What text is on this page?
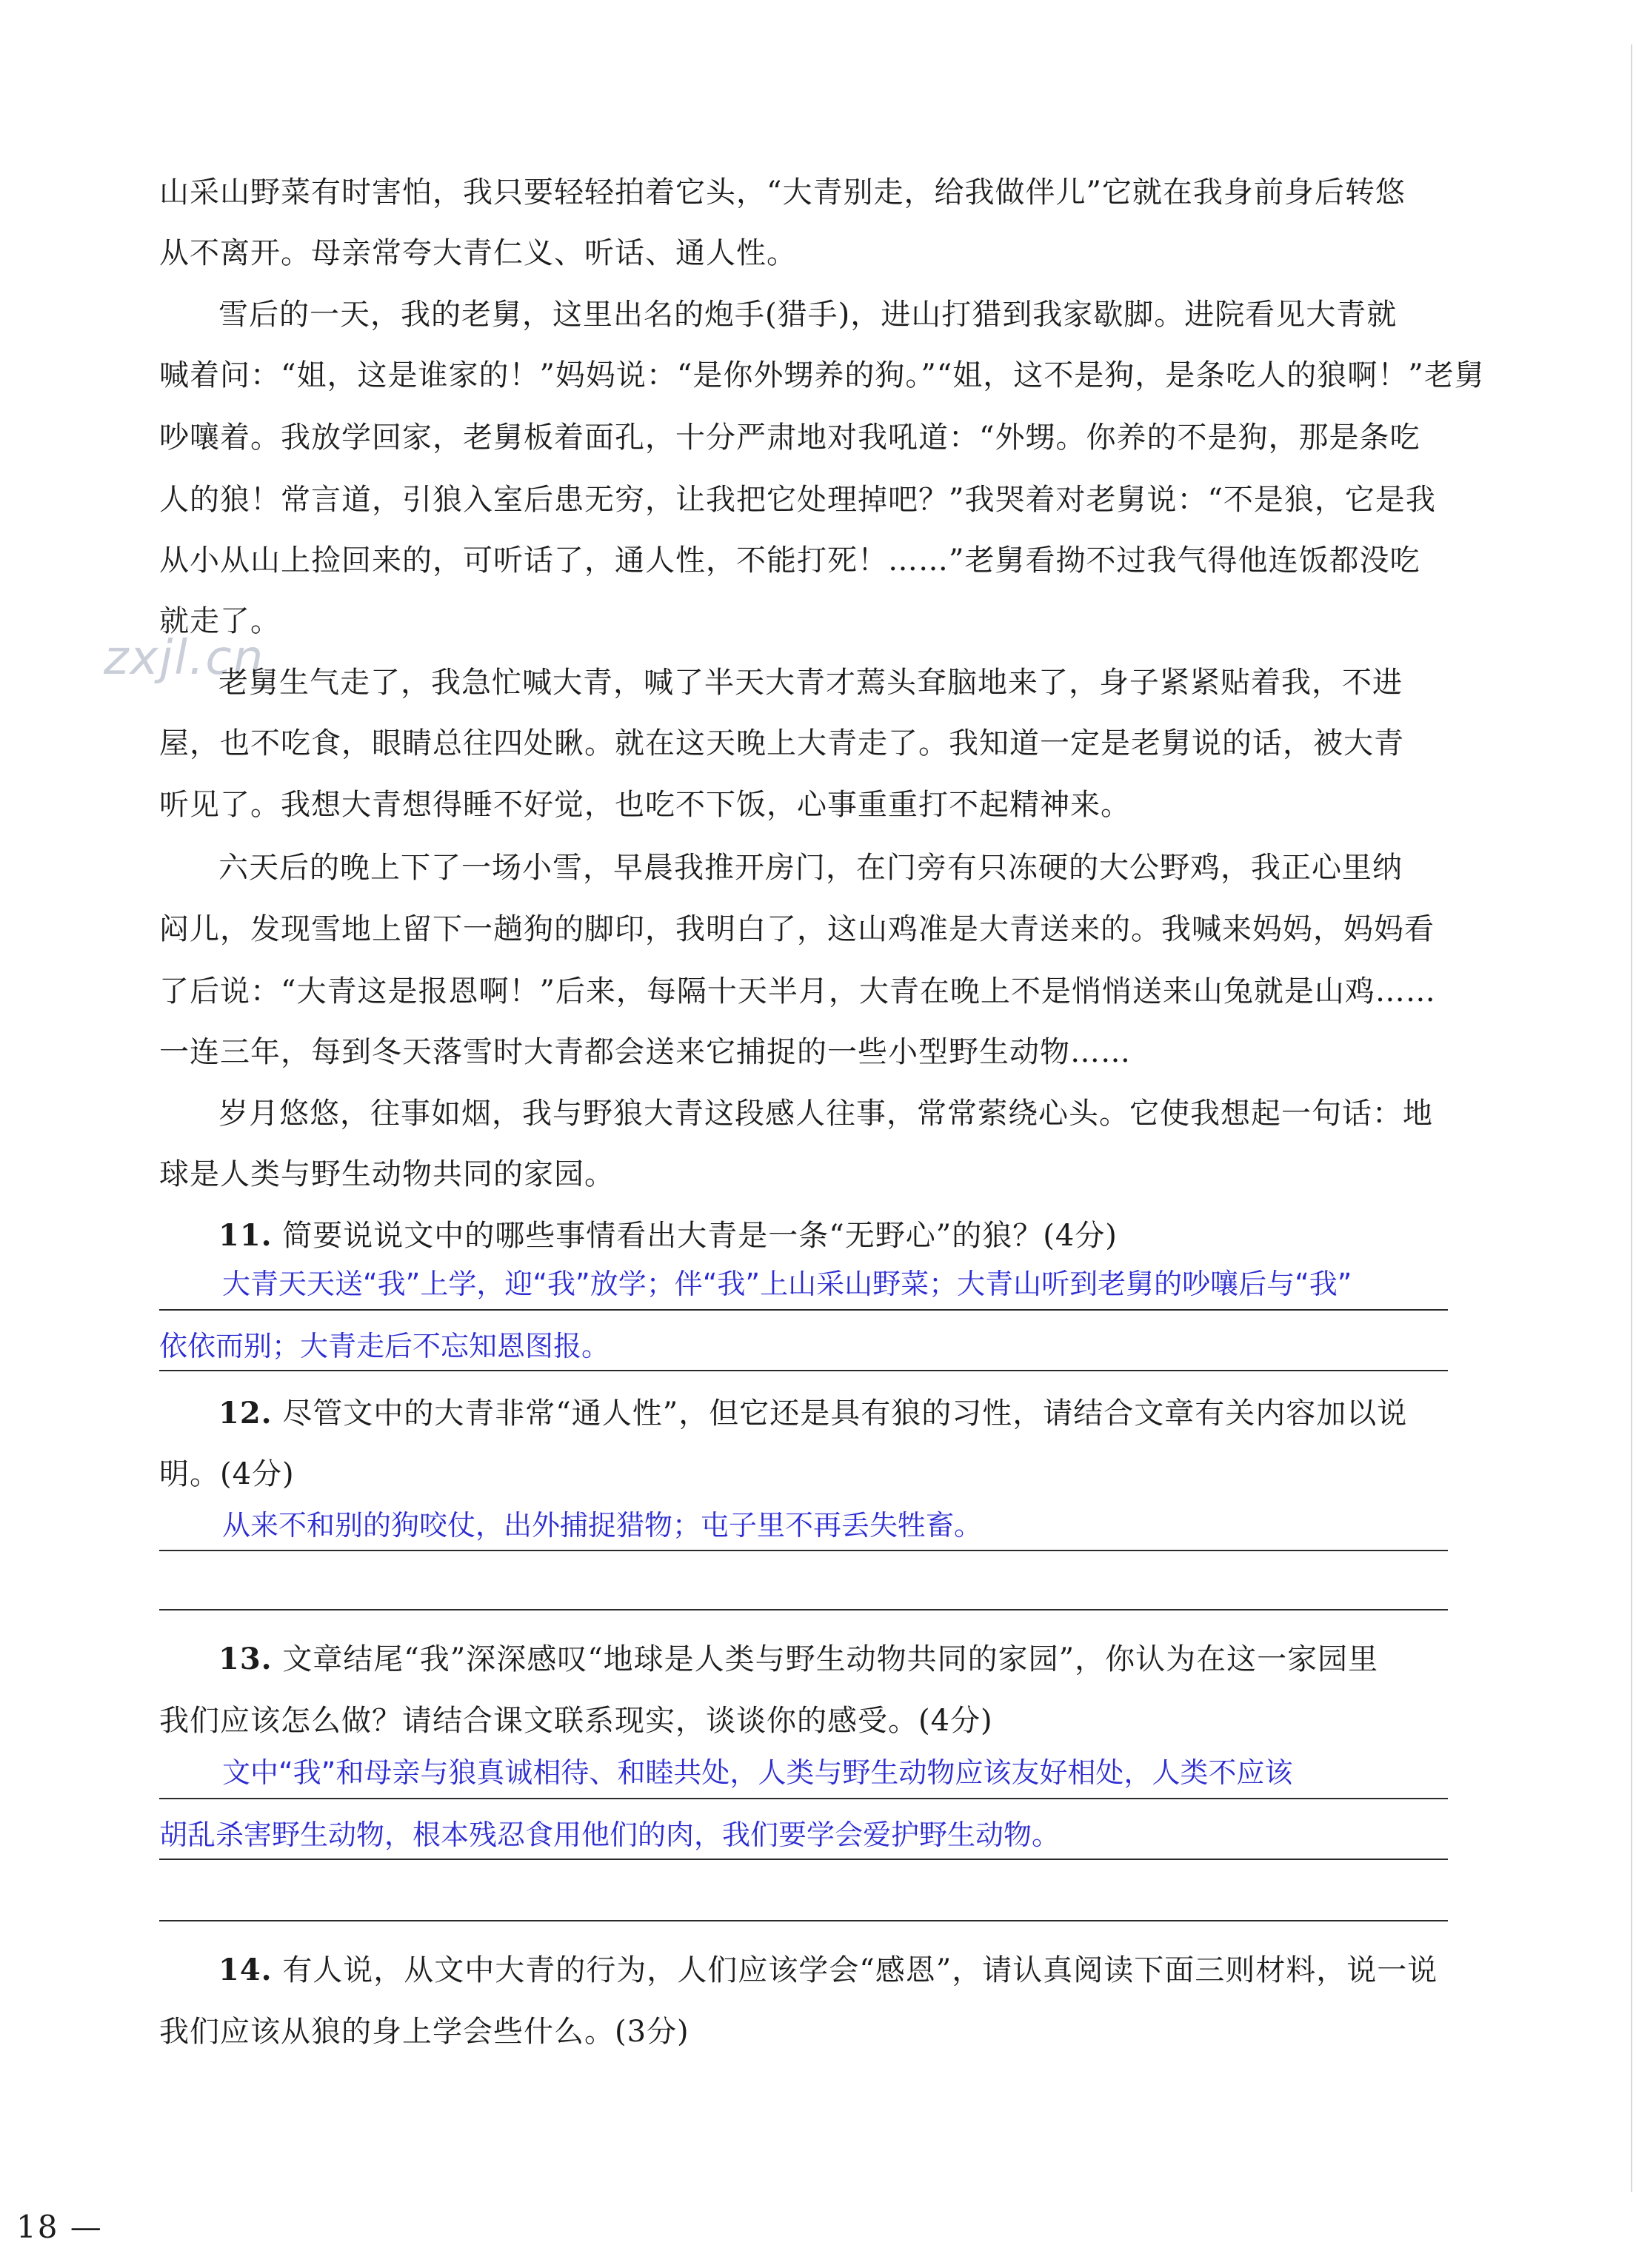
山采山野菜有时害怕，我只要轻轻拍着它头，“大青别走，给我做伴儿”它就在我身前身后转悠
从不离开。母亲常夸大青仁义、听话、通人性。
雪后的一天，我的老舅，这里出名的炮手(猎手)，进山打猎到我家歇脚。进院看见大青就
喊着问：“姐，这是谁家的！”妈妈说：“是你外甥养的狗。”“姐，这不是狗，是条吃人的狼啊！”老舅
吵嚷着。我放学回家，老舅板着面孔，十分严肃地对我吼道：“外甥。你养的不是狗，那是条吃
人的狼！常言道，引狼入室后患无穷，让我把它处理掉吧？”我哭着对老舅说：“不是狼，它是我
从小从山上捡回来的，可听话了，通人性，不能打死！……”老舅看拗不过我气得他连饭都没吃
就走了。
zxjl.cn
老舅生气走了，我急忙喊大青，喊了半天大青才蔫头耷脑地来了，身子紧紧贴着我，不进
屋，也不吃食，眼睛总往四处瞅。就在这天晚上大青走了。我知道一定是老舅说的话，被大青
听见了。我想大青想得睡不好觉，也吃不下饭，心事重重打不起精神来。
六天后的晚上下了一场小雪，早晨我推开房门，在门旁有只冻硬的大公野鸡，我正心里纳
闷儿，发现雪地上留下一趟狗的脚印，我明白了，这山鸡准是大青送来的。我喊来妈妈，妈妈看
了后说：“大青这是报恩啊！”后来，每隔十天半月，大青在晚上不是悄悄送来山兔就是山鸡……
一连三年，每到冬天落雪时大青都会送来它捕捉的一些小型野生动物……
岁月悠悠，往事如烟，我与野狼大青这段感人往事，常常萦绕心头。它使我想起一句话：地
球是人类与野生动物共同的家园。
11. 简要说说文中的哪些事情看出大青是一条“无野心”的狼？(4分)
大青天天送“我”上学，迎“我”放学；伴“我”上山采山野菜；大青山听到老舅的吵嚷后与“我”
依依而别；大青走后不忘知恩图报。
12. 尽管文中的大青非常“通人性”，但它还是具有狼的习性，请结合文章有关内容加以说
明。(4分)
从来不和别的狗咬仗，出外捕捉猎物；屯子里不再丢失牲畜。
13. 文章结尾“我”深深感叹“地球是人类与野生动物共同的家园”，你认为在这一家园里
我们应该怎么做？请结合课文联系现实，谈谈你的感受。(4分)
文中“我”和母亲与狼真诚相待、和睦共处，人类与野生动物应该友好相处，人类不应该
胡乱杀害野生动物，根本残忍食用他们的肉，我们要学会爱护野生动物。
14. 有人说，从文中大青的行为，人们应该学会“感恩”，请认真阅读下面三则材料，说一说
我们应该从狼的身上学会些什么。(3分)
18 —
